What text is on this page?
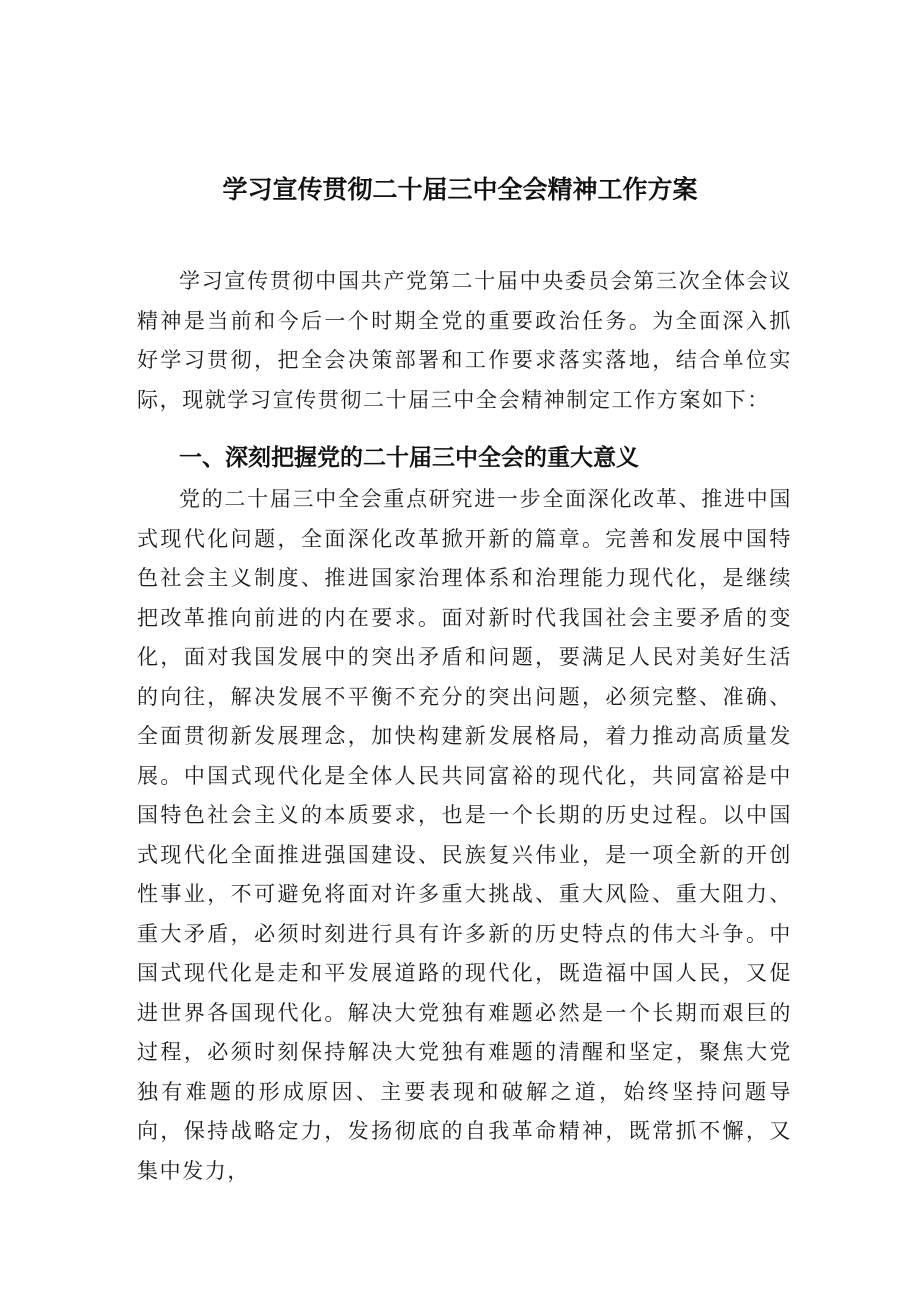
学习宣传贯彻二十届三中全会精神工作方案

学习宣传贯彻中国共产党第二十届中央委员会第三次全体会议精神是当前和今后一个时期全党的重要政治任务。为全面深入抓好学习贯彻，把全会决策部署和工作要求落实落地，结合单位实际，现就学习宣传贯彻二十届三中全会精神制定工作方案如下：

一、深刻把握党的二十届三中全会的重大意义

党的二十届三中全会重点研究进一步全面深化改革、推进中国式现代化问题，全面深化改革掀开新的篇章。完善和发展中国特色社会主义制度、推进国家治理体系和治理能力现代化，是继续把改革推向前进的内在要求。面对新时代我国社会主要矛盾的变化，面对我国发展中的突出矛盾和问题，要满足人民对美好生活的向往，解决发展不平衡不充分的突出问题，必须完整、准确、全面贯彻新发展理念，加快构建新发展格局，着力推动高质量发展。中国式现代化是全体人民共同富裕的现代化，共同富裕是中国特色社会主义的本质要求，也是一个长期的历史过程。以中国式现代化全面推进强国建设、民族复兴伟业，是一项全新的开创性事业，不可避免将面对许多重大挑战、重大风险、重大阻力、重大矛盾，必须时刻进行具有许多新的历史特点的伟大斗争。中国式现代化是走和平发展道路的现代化，既造福中国人民，又促进世界各国现代化。解决大党独有难题必然是一个长期而艰巨的过程，必须时刻保持解决大党独有难题的清醒和坚定，聚焦大党独有难题的形成原因、主要表现和破解之道，始终坚持问题导向，保持战略定力，发扬彻底的自我革命精神，既常抓不懈，又集中发力，
